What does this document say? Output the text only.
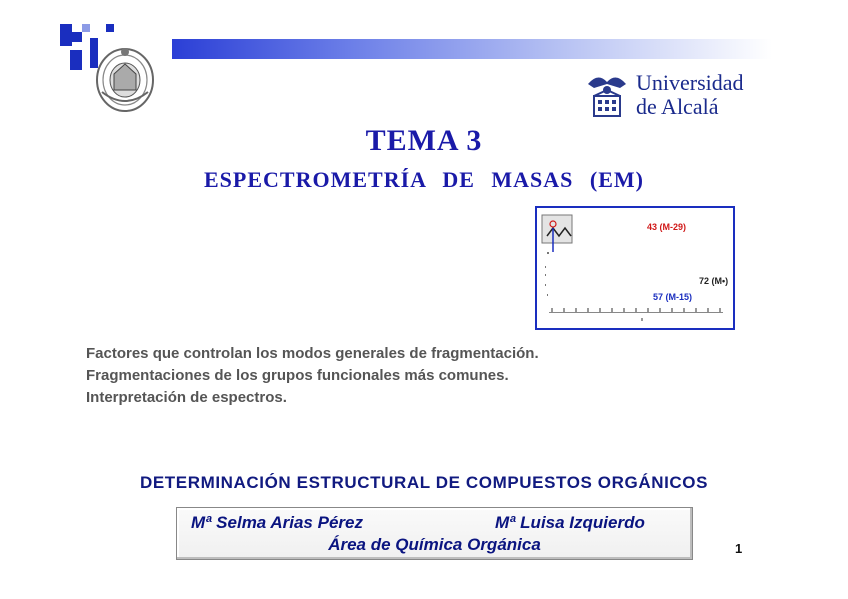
Universidad
de Alcalá
TEMA 3
ESPECTROMETRÍA DE MASAS (EM)
43 (M-29)
72 (M•)
57 (M-15)
Factores que controlan los modos generales de fragmentación.
Fragmentaciones de los grupos funcionales más comunes.
Interpretación de espectros.
DETERMINACIÓN ESTRUCTURAL DE COMPUESTOS ORGÁNICOS
Mª Selma Arias Pérez	Mª Luisa Izquierdo
Área de Química Orgánica	1
